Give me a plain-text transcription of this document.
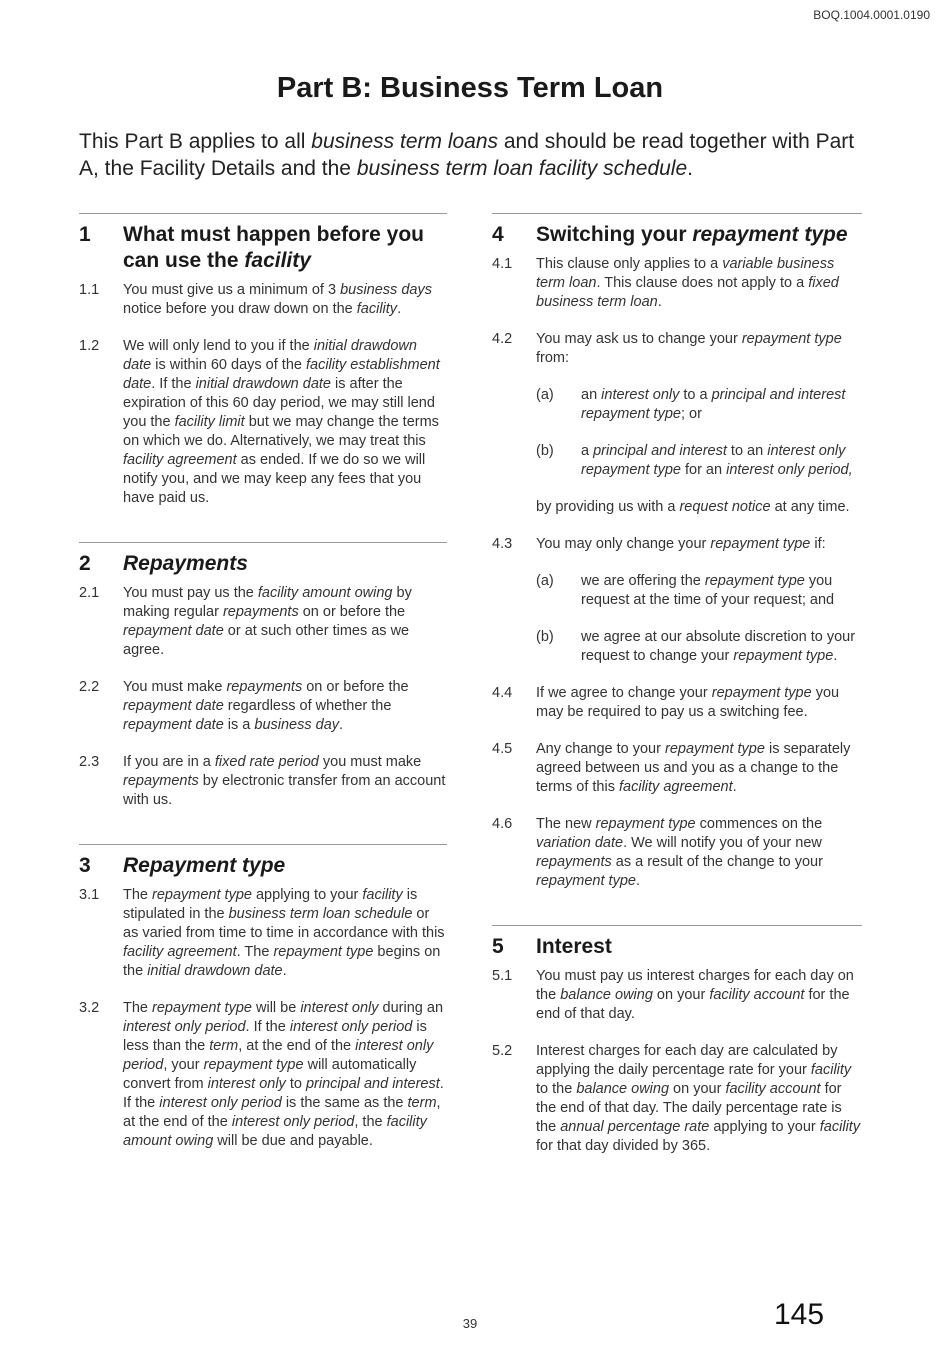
BOQ.1004.0001.0190
Part B: Business Term Loan

This Part B applies to all business term loans and should be read together with Part A, the Facility Details and the business term loan facility schedule.

1	What must happen before you can use the facility
1.1	You must give us a minimum of 3 business days notice before you draw down on the facility.
1.2	We will only lend to you if the initial drawdown date is within 60 days of the facility establishment date. If the initial drawdown date is after the expiration of this 60 day period, we may still lend you the facility limit but we may change the terms on which we do. Alternatively, we may treat this facility agreement as ended. If we do so we will notify you, and we may keep any fees that you have paid us.
2	Repayments
2.1	You must pay us the facility amount owing by making regular repayments on or before the repayment date or at such other times as we agree.
2.2	You must make repayments on or before the repayment date regardless of whether the repayment date is a business day.
2.3	If you are in a fixed rate period you must make repayments by electronic transfer from an account with us.
3	Repayment type
3.1	The repayment type applying to your facility is stipulated in the business term loan schedule or as varied from time to time in accordance with this facility agreement. The repayment type begins on the initial drawdown date.
3.2	The repayment type will be interest only during an interest only period. If the interest only period is less than the term, at the end of the interest only period, your repayment type will automatically convert from interest only to principal and interest. If the interest only period is the same as the term, at the end of the interest only period, the facility amount owing will be due and payable.
4	Switching your repayment type
4.1	This clause only applies to a variable business term loan. This clause does not apply to a fixed business term loan.
4.2	You may ask us to change your repayment type from:
(a)	an interest only to a principal and interest repayment type; or
(b)	a principal and interest to an interest only repayment type for an interest only period,
by providing us with a request notice at any time.
4.3	You may only change your repayment type if:
(a)	we are offering the repayment type you request at the time of your request; and
(b)	we agree at our absolute discretion to your request to change your repayment type.
4.4	If we agree to change your repayment type you may be required to pay us a switching fee.
4.5	Any change to your repayment type is separately agreed between us and you as a change to the terms of this facility agreement.
4.6	The new repayment type commences on the variation date. We will notify you of your new repayments as a result of the change to your repayment type.
5	Interest
5.1	You must pay us interest charges for each day on the balance owing on your facility account for the end of that day.
5.2	Interest charges for each day are calculated by applying the daily percentage rate for your facility to the balance owing on your facility account for the end of that day. The daily percentage rate is the annual percentage rate applying to your facility for that day divided by 365.
39	145
